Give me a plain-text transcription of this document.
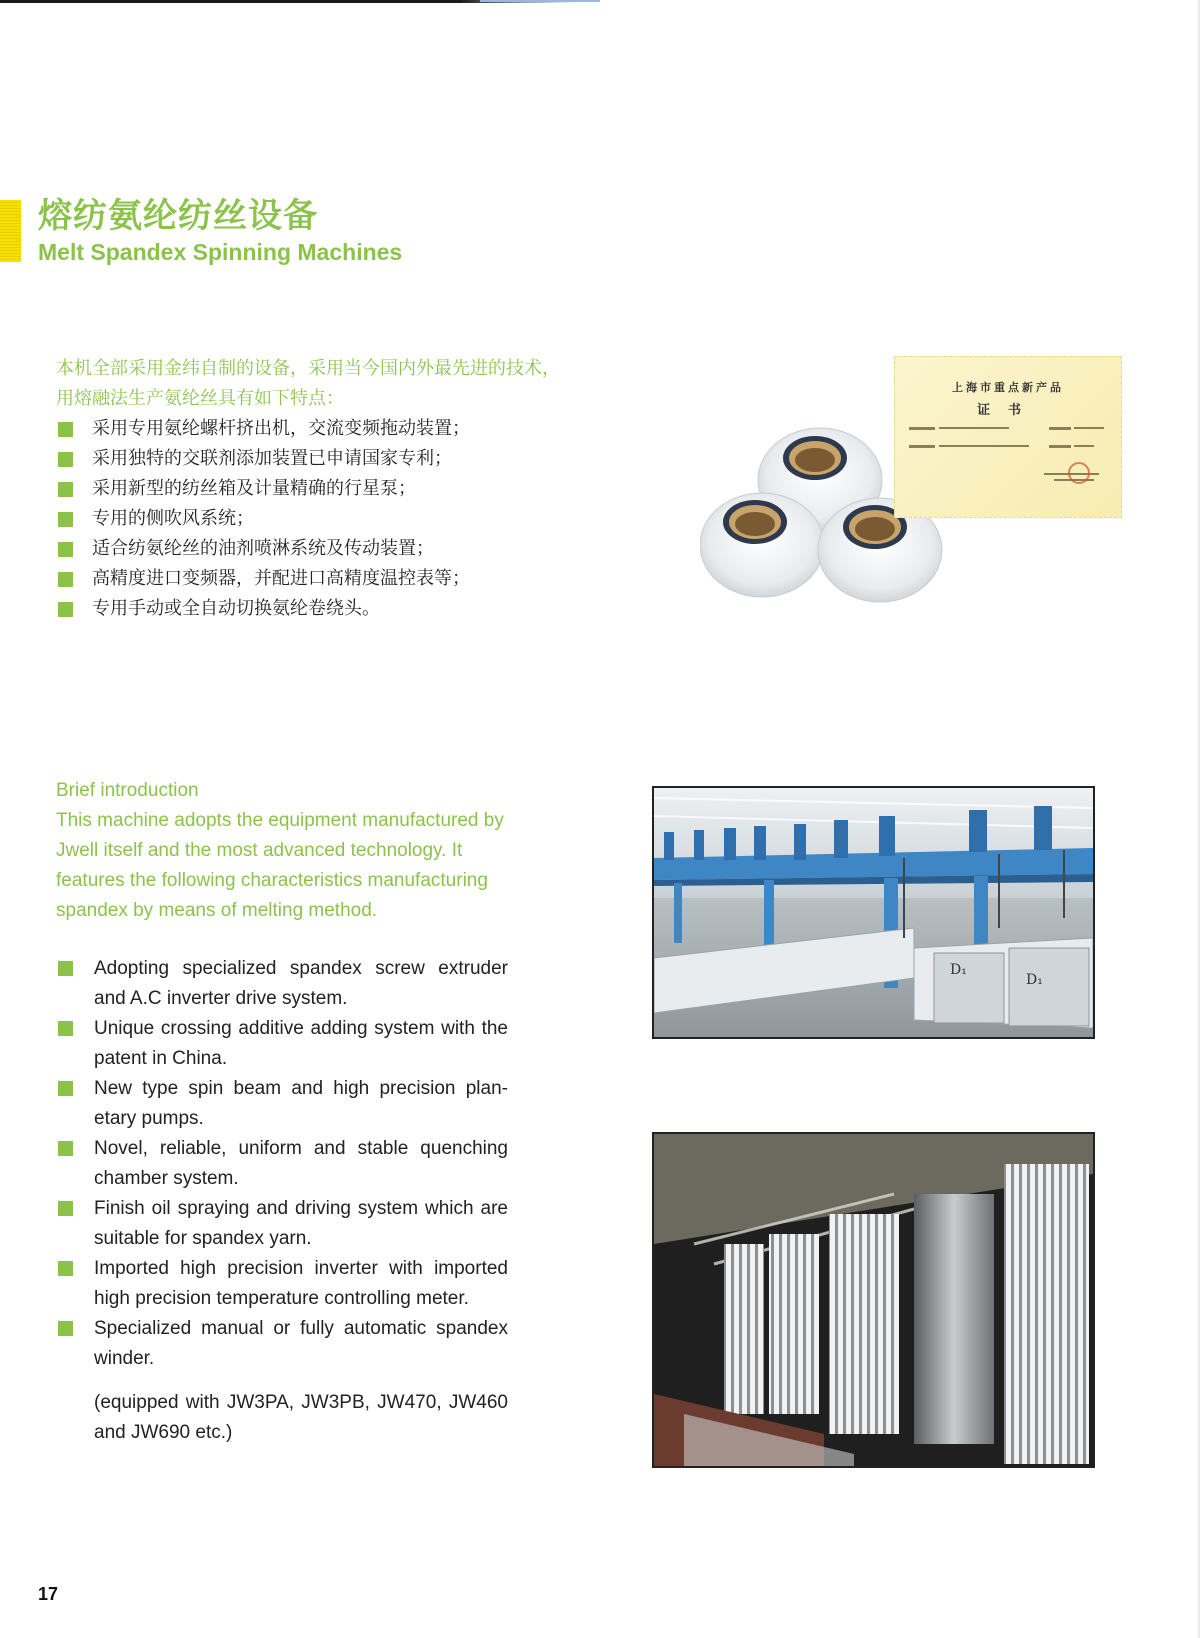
熔纺氨纶纺丝设备
Melt Spandex Spinning Machines

本机全部采用金纬自制的设备，采用当今国内外最先进的技术，

用熔融法生产氨纶丝具有如下特点：

采用专用氨纶螺杆挤出机，交流变频拖动装置；
采用独特的交联剂添加装置已申请国家专利；
采用新型的纺丝箱及计量精确的行星泵；
专用的侧吹风系统；
适合纺氨纶丝的油剂喷淋系统及传动装置；
高精度进口变频器，并配进口高精度温控表等；
专用手动或全自动切换氨纶卷绕头。
上海市重点新产品
证书
Brief introduction
This machine adopts the equipment manufactured by Jwell itself and the most advanced technology. It features the following characteristics manufacturing spandex by means of melting method.
Adopting specialized spandex screw extruder and A.C inverter drive system.
Unique crossing additive adding system with the patent in China.
New type spin beam and high precision plan-etary pumps.
Novel, reliable, uniform and stable quenching chamber system.
Finish oil spraying and driving system which are suitable for spandex yarn.
Imported high precision inverter with imported high precision temperature controlling meter.
Specialized manual or fully automatic spandex winder.
(equipped with JW3PA, JW3PB, JW470, JW460 and JW690 etc.)
D₁
D₁
17
